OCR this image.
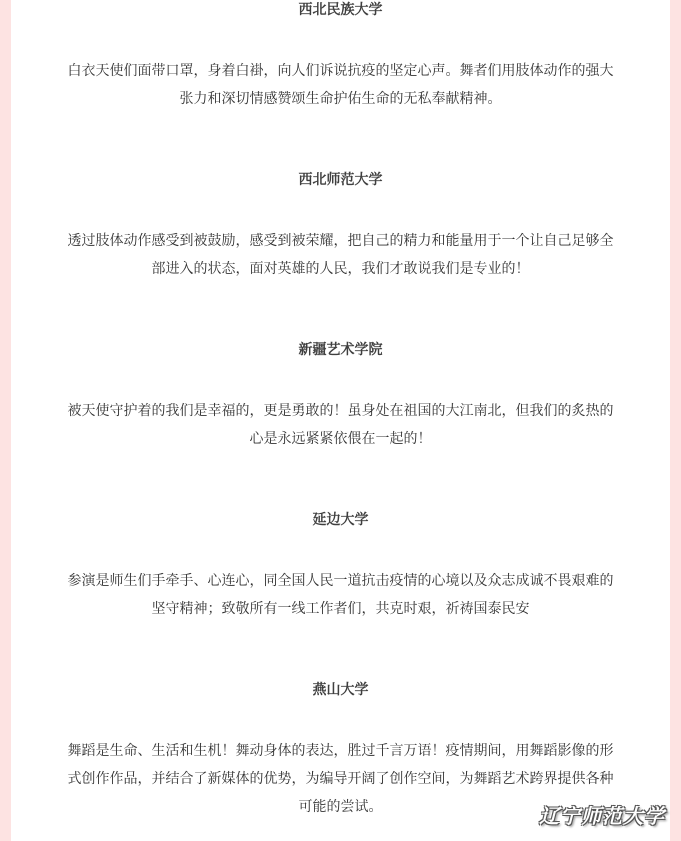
西北民族大学
白衣天使们面带口罩，身着白褂，向人们诉说抗疫的坚定心声。舞者们用肢体动作的强大
张力和深切情感赞颂生命护佑生命的无私奉献精神。
西北师范大学
透过肢体动作感受到被鼓励，感受到被荣耀，把自己的精力和能量用于一个让自己足够全
部进入的状态，面对英雄的人民，我们才敢说我们是专业的！
新疆艺术学院
被天使守护着的我们是幸福的，更是勇敢的！虽身处在祖国的大江南北，但我们的炙热的
心是永远紧紧依偎在一起的！
延边大学
参演是师生们手牵手、心连心，同全国人民一道抗击疫情的心境以及众志成诚不畏艰难的
坚守精神；致敬所有一线工作者们，共克时艰，祈祷国泰民安
燕山大学
舞蹈是生命、生活和生机！舞动身体的表达，胜过千言万语！疫情期间，用舞蹈影像的形
式创作作品，并结合了新媒体的优势，为编导开阔了创作空间，为舞蹈艺术跨界提供各种
可能的尝试。	辽宁师范大学
